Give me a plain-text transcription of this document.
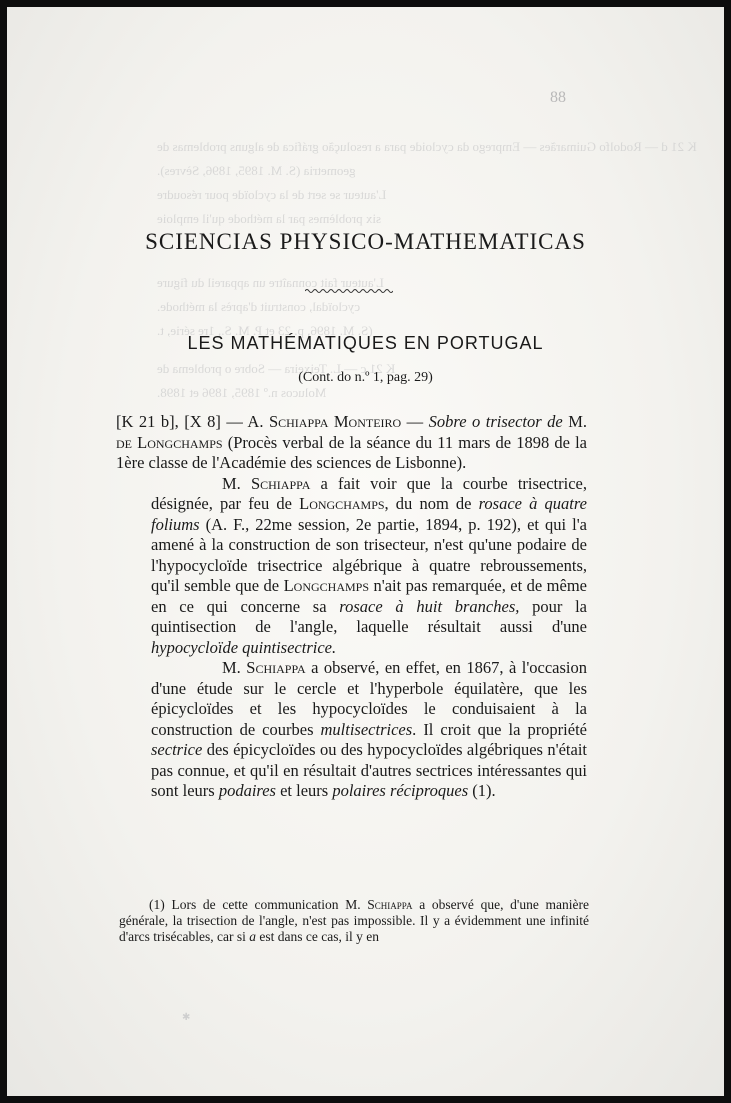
K 21 d — Rodolfo Guimarães — Emprego da cycloide para a resolução gráfica de alguns problemas de
geometria (S. M. 1895, 1896, Sèvres).
L'auteur se sert de la cycloïde pour résoudre
six problèmes par la méthode qu'il emploie
L'auteur fait connaître un appareil du figure
cycloïdal, construit d'après la méthode.
(S. M. 1896, p. 23 et P. M. S., 1re série, t.
K 21 c — L. Teixeira — Sobre o problema de
Molucos n.º 1895, 1896 et 1898.
88
SCIENCIAS PHYSICO-MATHEMATICAS
LES MATHÉMATIQUES EN PORTUGAL
(Cont. do n.º 1, pag. 29)

[K 21 b], [X 8] — A. Schiappa Monteiro — Sobre o trisector de M. de Longchamps (Procès verbal de la séance du 11 mars de 1898 de la 1ère classe de l'Académie des sciences de Lisbonne).

M. Schiappa a fait voir que la courbe trisectrice, désignée, par feu de Longchamps, du nom de rosace à quatre foliums (A. F., 22me session, 2e partie, 1894, p. 192), et qui l'a amené à la construction de son trisecteur, n'est qu'une podaire de l'hypocycloïde trisectrice algébrique à quatre rebroussements, qu'il semble que de Longchamps n'ait pas remarquée, et de même en ce qui concerne sa rosace à huit branches, pour la quintisection de l'angle, laquelle résultait aussi d'une hypocycloïde quintisectrice.

M. Schiappa a observé, en effet, en 1867, à l'occasion d'une étude sur le cercle et l'hyperbole équilatère, que les épicycloïdes et les hypocycloïdes le conduisaient à la construction de courbes multisectrices. Il croit que la propriété sectrice des épicycloïdes ou des hypocycloïdes algébriques n'était pas connue, et qu'il en résultait d'autres sectrices intéressantes qui sont leurs podaires et leurs polaires réciproques (1).

(1) Lors de cette communication M. Schiappa a observé que, d'une manière générale, la trisection de l'angle, n'est pas impossible. Il y a évidemment une infinité d'arcs trisécables, car si a est dans ce cas, il y en
✱
